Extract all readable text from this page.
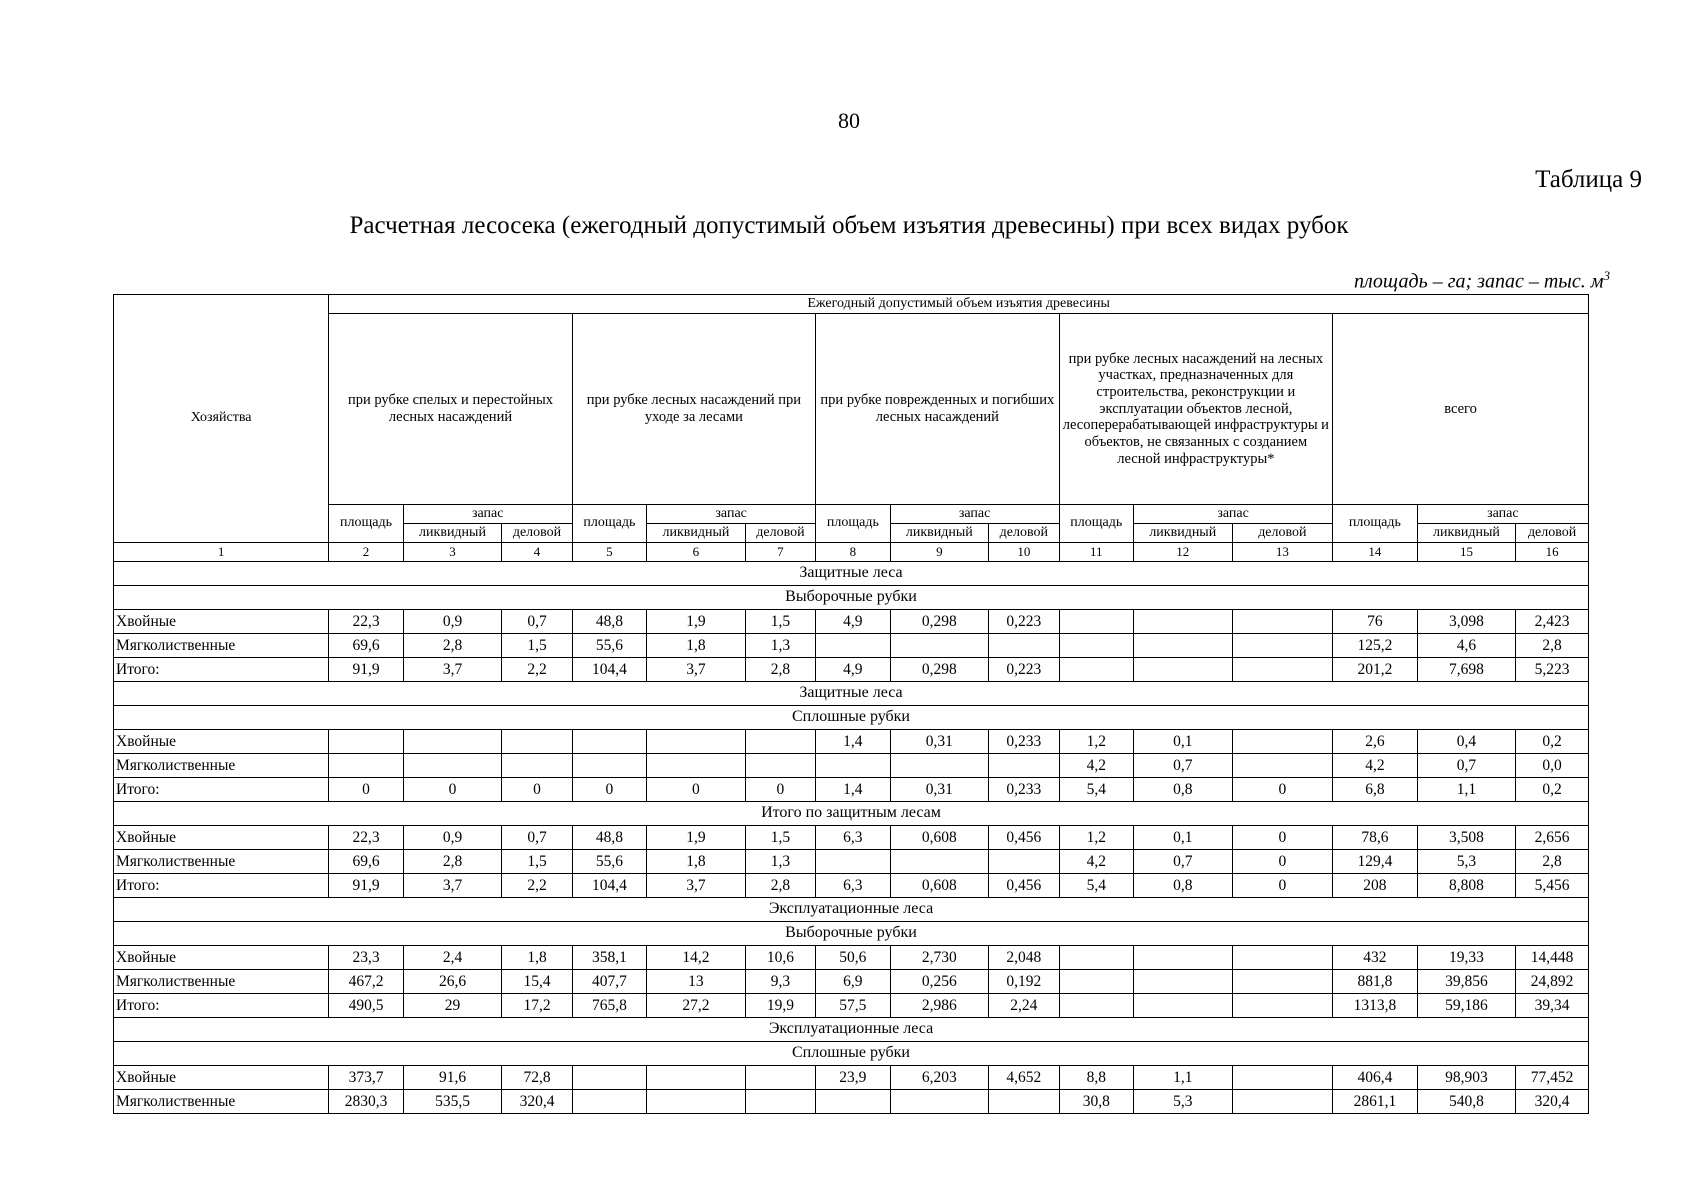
80
Таблица 9
Расчетная лесосека (ежегодный допустимый объем изъятия древесины) при всех видах рубок
площадь – га; запас – тыс. $м^3$
Хозяйства	Ежегодный допустимый объем изъятия древесины														
	при рубке спелых и перестойных лесных насаждений			при рубке лесных насаждений при уходе за лесами			при рубке поврежденных и погибших лесных насаждений			при рубке лесных насаждений на лесных участках, предназначенных для строительства, реконструкции и эксплуатации объектов лесной, лесоперерабатывающей инфраструктуры и объектов, не связанных с созданием лесной инфраструктуры*			всего		
	площадь	запас		площадь	запас		площадь	запас		площадь	запас		площадь	запас	
		ликвидный	деловой		ликвидный	деловой		ликвидный	деловой		ликвидный	деловой		ликвидный	деловой
1	2	3	4	5	6	7	8	9	10	11	12	13	14	15	16
Защитные леса															
Выборочные рубки															
Хвойные	22,3	0,9	0,7	48,8	1,9	1,5	4,9	0,298	0,223				76	3,098	2,423
Мягколиственные	69,6	2,8	1,5	55,6	1,8	1,3							125,2	4,6	2,8
Итого:	91,9	3,7	2,2	104,4	3,7	2,8	4,9	0,298	0,223				201,2	7,698	5,223
Защитные леса															
Сплошные рубки															
Хвойные							1,4	0,31	0,233	1,2	0,1		2,6	0,4	0,2
Мягколиственные										4,2	0,7		4,2	0,7	0,0
Итого:	0	0	0	0	0	0	1,4	0,31	0,233	5,4	0,8	0	6,8	1,1	0,2
Итого по защитным лесам															
Хвойные	22,3	0,9	0,7	48,8	1,9	1,5	6,3	0,608	0,456	1,2	0,1	0	78,6	3,508	2,656
Мягколиственные	69,6	2,8	1,5	55,6	1,8	1,3				4,2	0,7	0	129,4	5,3	2,8
Итого:	91,9	3,7	2,2	104,4	3,7	2,8	6,3	0,608	0,456	5,4	0,8	0	208	8,808	5,456
Эксплуатационные леса															
Выборочные рубки															
Хвойные	23,3	2,4	1,8	358,1	14,2	10,6	50,6	2,730	2,048				432	19,33	14,448
Мягколиственные	467,2	26,6	15,4	407,7	13	9,3	6,9	0,256	0,192				881,8	39,856	24,892
Итого:	490,5	29	17,2	765,8	27,2	19,9	57,5	2,986	2,24				1313,8	59,186	39,34
Эксплуатационные леса															
Сплошные рубки															
Хвойные	373,7	91,6	72,8				23,9	6,203	4,652	8,8	1,1		406,4	98,903	77,452
Мягколиственные	2830,3	535,5	320,4							30,8	5,3		2861,1	540,8	320,4
